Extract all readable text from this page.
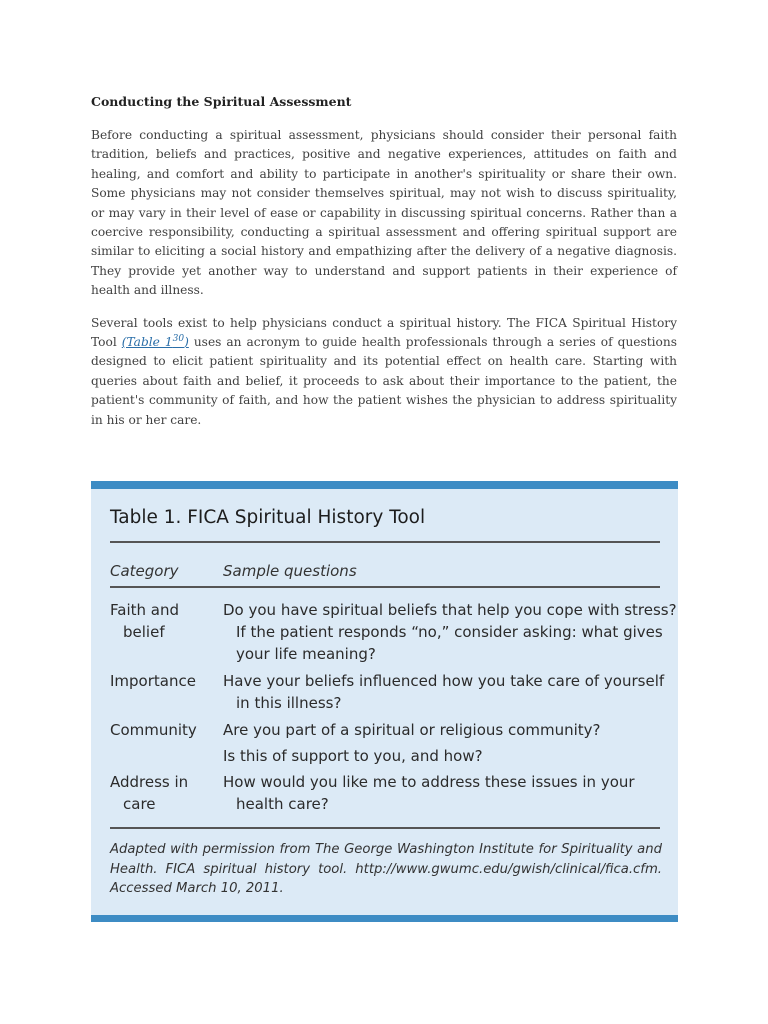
Conducting the Spiritual Assessment

Before conducting a spiritual assessment, physicians should consider their personal faith tradition, beliefs and practices, positive and negative experiences, attitudes on faith and healing, and comfort and ability to participate in another's spirituality or share their own. Some physicians may not consider themselves spiritual, may not wish to discuss spirituality, or may vary in their level of ease or capability in discussing spiritual concerns. Rather than a coercive responsibility, conducting a spiritual assessment and offering spiritual support are similar to eliciting a social history and empathizing after the delivery of a negative diagnosis. They provide yet another way to understand and support patients in their experience of health and illness.

Several tools exist to help physicians conduct a spiritual history. The FICA Spiritual History Tool (Table $1^{30}$) uses an acronym to guide health professionals through a series of questions designed to elicit patient spirituality and its potential effect on health care. Starting with queries about faith and belief, it proceeds to ask about their importance to the patient, the patient's community of faith, and how the patient wishes the physician to address spirituality in his or her care.

Table 1. FICA Spiritual History Tool
Category	Sample questions
Faith and
belief
Do you have spiritual beliefs that help you cope with stress?
If the patient responds “no,” consider asking: what gives
your life meaning?
Importance Have your beliefs influenced how you take care of yourself
in this illness?
Community Are you part of a spiritual or religious community?
Is this of support to you, and how?
Address in
care
How would you like me to address these issues in your
health care?
Adapted with permission from The George Washington Institute for Spirituality and Health. FICA spiritual history tool. http://www.gwumc.edu/gwish/clinical/fica.cfm. Accessed March 10, 2011.
